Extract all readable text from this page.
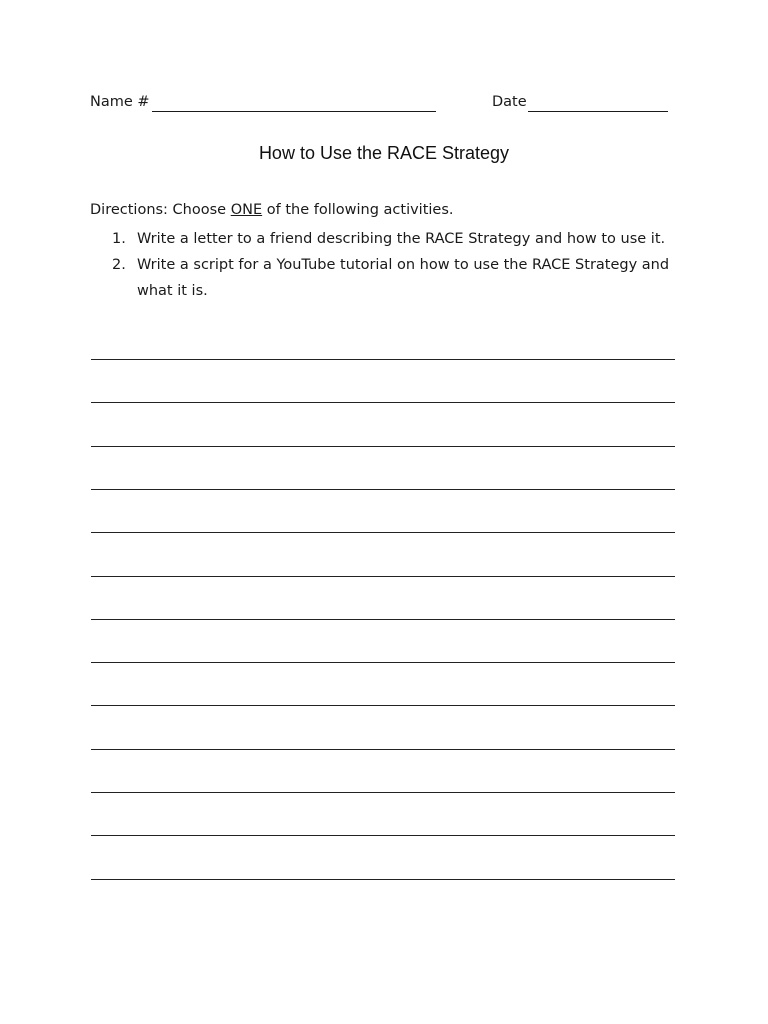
Name #	Date
How to Use the RACE Strategy
Directions: Choose ONE of the following activities.
1. Write a letter to a friend describing the RACE Strategy and how to use it.
2. Write a script for a YouTube tutorial on how to use the RACE Strategy and what it is.
